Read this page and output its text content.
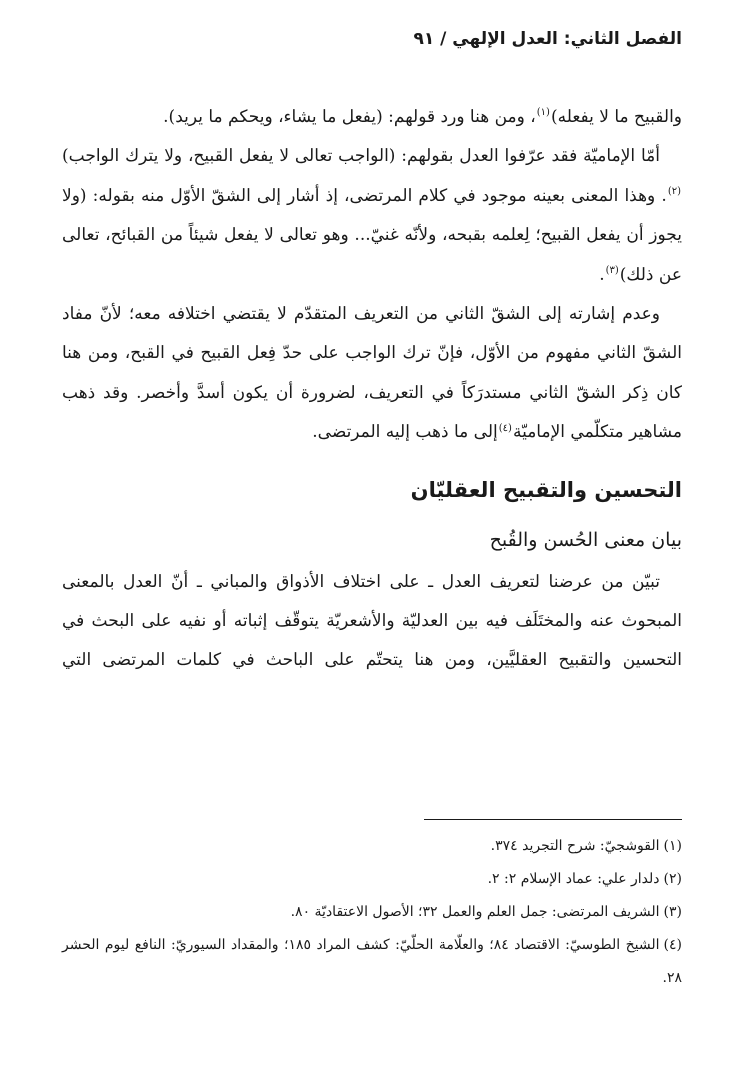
الفصل الثاني: العدل الإلهي / ٩١

والقبيح ما لا يفعله)$^{(١)}$، ومن هنا ورد قولهم: (يفعل ما يشاء، ويحكم ما يريد).

أمّا الإماميّة فقد عرّفوا العدل بقولهم: (الواجب تعالى لا يفعل القبيح، ولا يترك الواجب)$^{(٢)}$. وهذا المعنى بعينه موجود في كلام المرتضى، إذ أشار إلى الشقّ الأوّل منه بقوله: (ولا يجوز أن يفعل القبيح؛ لِعلمه بقبحه، ولأنّه غنيّ... وهو تعالى لا يفعل شيئاً من القبائح، تعالى عن ذلك)$^{(٣)}$.

وعدم إشارته إلى الشقّ الثاني من التعريف المتقدّم لا يقتضي اختلافه معه؛ لأنّ مفاد الشقّ الثاني مفهوم من الأوّل، فإنّ ترك الواجب على حدّ فِعل القبيح في القبح، ومن هنا كان ذِكر الشقّ الثاني مستدرَكاً في التعريف، لضرورة أن يكون أسدَّ وأخصر. وقد ذهب مشاهير متكلّمي الإماميّة$^{(٤)}$إلى ما ذهب إليه المرتضى.

التحسين والتقبيح العقليّان
بيان معنى الحُسن والقُبح

تبيّن من عرضنا لتعريف العدل ـ على اختلاف الأذواق والمباني ـ أنّ العدل بالمعنى المبحوث عنه والمختَلَف فيه بين العدليّة والأشعريّة يتوقّف إثباته أو نفيه على البحث في التحسين والتقبيح العقليَّين، ومن هنا يتحتّم على الباحث في كلمات المرتضى التي

(١)القوشجيّ: شرح التجريد ٣٧٤.

(٢)دلدار علي: عماد الإسلام ٢: ٢.

(٣)الشريف المرتضى: جمل العلم والعمل ٣٢؛ الأصول الاعتقاديّة ٨٠.

(٤)الشيخ الطوسيّ: الاقتصاد ٨٤؛ والعلّامة الحلّيّ: كشف المراد ١٨٥؛ والمقداد السيوريّ: النافع ليوم الحشر ٢٨.
